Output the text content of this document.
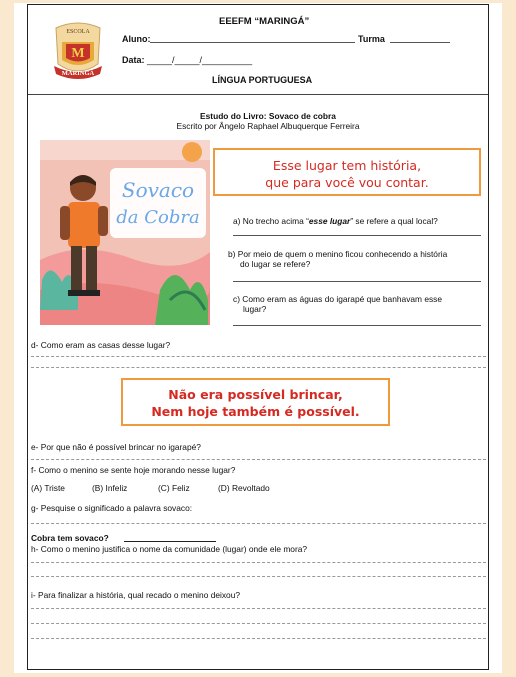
ESCOLA
M
MARINGÁ
EEEFM “MARINGÁ”
Aluno:	Turma
Data: _____/_____/__________
LÍNGUA PORTUGUESA
Estudo do Livro: Sovaco de cobra
Escrito por Ângelo Raphael Albuquerque Ferreira
Sovaco
da Cobra
Esse lugar tem história,
que para você vou contar.
a) No trecho acima “esse lugar” se refere a qual local?
b) Por meio de quem o menino ficou conhecendo a história
do lugar se refere?
c) Como eram as águas do igarapé que banhavam esse
lugar?
d- Como eram as casas desse lugar?
Não era possível brincar,
Nem hoje também é possível.
e- Por que não é possível brincar no igarapé?
f- Como o menino se sente hoje morando nesse lugar?
(A) Triste	(B) Infeliz	(C) Feliz	(D) Revoltado
g- Pesquise o significado a palavra sovaco:
Cobra tem sovaco?
h- Como o menino justifica o nome da comunidade (lugar) onde ele mora?
i- Para finalizar a história, qual recado o menino deixou?
